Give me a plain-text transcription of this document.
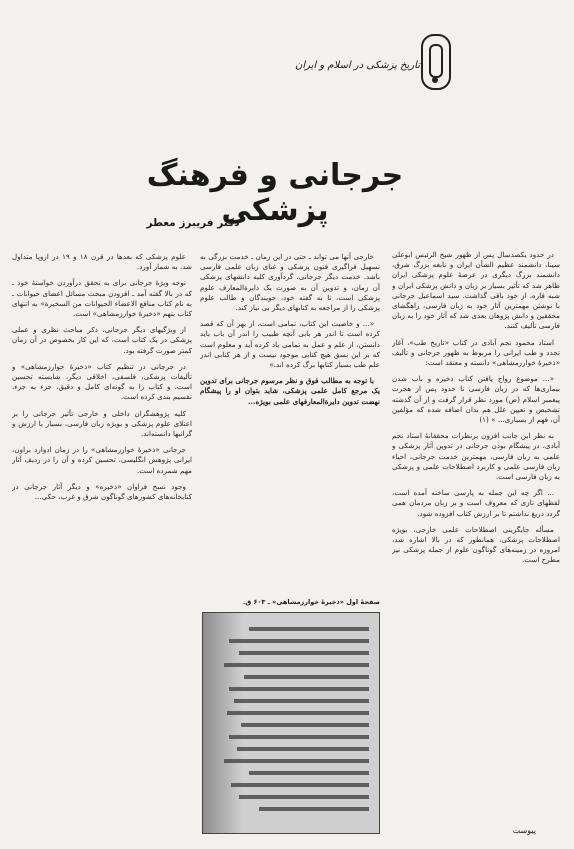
تاریخ پزشکی در اسلام و ایران
جرجانی و فرهنگ پزشکی
دکتر فریبرز معطر

در حدود یکصدسال پس از ظهور شیخ الرئیس ابوعلی سینا، دانشمند عظیم الشأن ایران و نابغه بزرگ شرق، دانشمند بزرگ دیگری در عرصهٔ علوم پزشکی ایران ظاهر شد که تأثیر بسیار بر زبان و دانش پزشکی ایران و شبه قاره، از خود باقی گذاشت. سید اسماعیل جرجانی با نوشتن مهمترین آثار خود به زبان فارسی، راهگشای محققین و دانش پژوهان بعدی شد که آثار خود را به زبان فارسی تألیف کنند.

استاد محمود نجم آبادی در کتاب «تاریخ طب»، آغاز تجدد و طب ایرانی را مربوط به ظهور جرجانی و تألیف «ذخیرهٔ خوارزمشاهی» دانسته و معتقد است:

«... موضوع رواج یافتن کتاب ذخیره و باب شدن بیماری‌ها که در زبان فارسی تا حدود پس از هجرت پیغمبر اسلام (ص) مورد نظر قرار گرفت و از آن گذشته تشخیص و تعیین علل هم بدان اضافه شده که مؤلفین آن، فهم از بسیاری... » (۱)

به نظر این جانب افزون برنظرات محققانهٔ استاد نجم آبادی، در پیشگام بودن جرجانی در تدوین آثار پزشکی و علمی به زبان فارسی، مهمترین خدمت جرجانی، احیاء زبان فارسی علمی و کاربرد اصطلاحات علمی و پزشکی به زبان فارسی است.

... اگر چه این جمله به پارسی ساخته آمده است، لفظهای تازی که معروف است و بر زبان مردمان همی گردد دریغ نداشتم تا بر ارزش کتاب افزوده شود.

مسأله جایگزینی اصطلاحات علمی خارجی، بویژه اصطلاحات پزشکی، همانطور که در بالا اشاره شد، امروزه در زمینه‌های گوناگون علوم از جمله پزشکی نیز مطرح است.

خارجی آنها می تواند ـ حتی در این زمان ـ خدمت بزرگی به تسهیل فراگیری فنون پزشکی و غنای زبان علمی فارسی باشد. خدمت دیگر جرجانی، گردآوری کلیه دانشهای پزشکی آن زمان، و تدوین آن به صورت یک دایرةالمعارف علوم پزشکی است، تا به گفته خود، جویندگان و طالب علوم پزشکی را از مراجعه به کتابهای دیگر بی نیاز کند.

«... و خاصیت این کتاب، تمامی است، از بهر آن که قصد کرده است تا اندر هر بابی آنچه طبیب را اندر آن باب باید دانستن، از علم و عمل به تمامی یاد کرده آید و معلوم است که بر این نسق هیچ کتابی موجود نیست و از هر کتابی اندر علم طب بسیار کتابها برگ کرده اند.»

با توجه به مطالب فوق و نظر مرسوم جرجانی برای تدوین یک مرجع کامل علمی پزشکی، شاید بتوان او را پیشگام نهضت تدوین دایرةالمعارفهای علمی بویژه...

علوم پزشکی که بعدها در قرن ۱۸ و ۱۹ در اروپا متداول شد، به شمار آورد.

توجه ویژهٔ جرجانی برای به تحقق درآوردن خواستهٔ خود ـ که در بالا گفته آمد ـ افزودن مبحث مسائل اعضای حیوانات ـ به نام کتاب منافع الاعضاء الحیوانات من السخیرة» به انتهای کتاب بنهم «ذخیرهٔ خوارزمشاهی» است.

از ویژگیهای دیگر جرجانی، ذکر مباحث نظری و عملی پزشکی در یک کتاب است، که این کار بخصوص در آن زمان کمتر صورت گرفته بود.

در جرجانی در تنظیم کتاب «ذخیرهٔ خوارزمشاهی» و تألیفات پزشکی، فلسفی، اخلاقی دیگر، شایسته تحسین است، و کتاب را به گونه‌ای کامل و دقیق، جزء به جزء، تقسیم بندی کرده است.

کلیه پژوهشگران داخلی و خارجی تأثیر جرجانی را بر اعتلای علوم پزشکی و بویژه زبان فارسی، بسیار با ارزش و گرانبها دانسته‌اند.

جرجانی «ذخیرهٔ خوارزمشاهی» را در زمان ادوارد براون، ایرانی پژوهش انگلیسی، تحسین کرده و آن را در ردیف آثار مهم شمرده است.

وجود نسخ فراوان «ذخیره» و دیگر آثار جرجانی در کتابخانه‌های کشورهای گوناگون شرق و غرب، حکی...

صفحهٔ اول «ذخیرهٔ خوارزمشاهی» ـ ۶۰۳ ق.
پیوست
